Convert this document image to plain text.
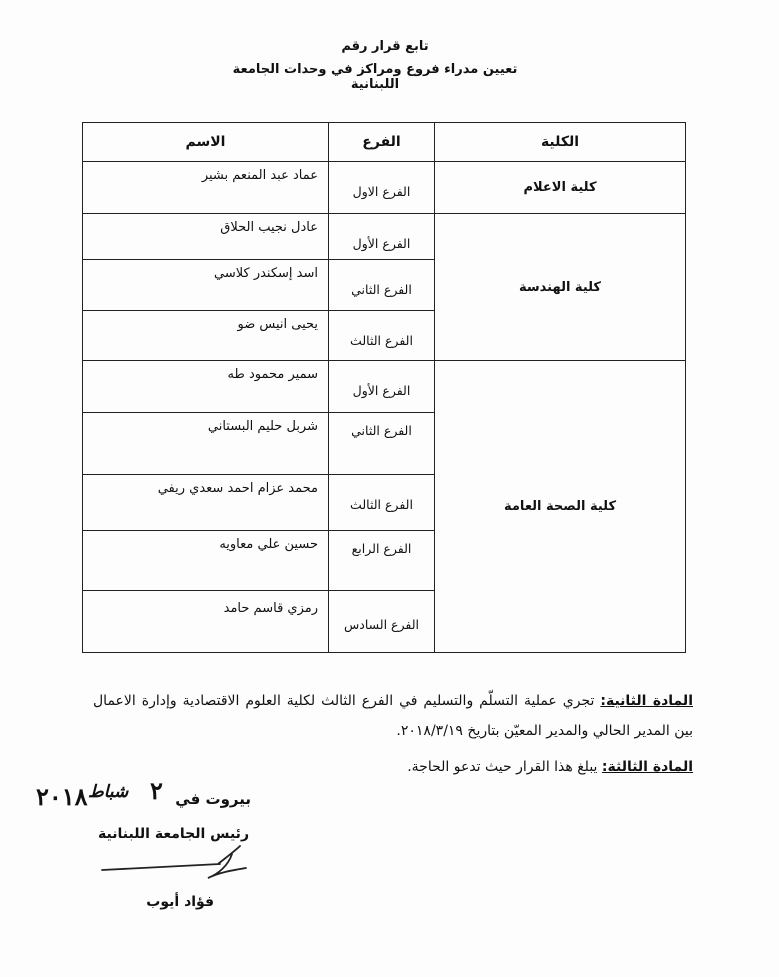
تابع قرار رقم
تعيين مدراء فروع ومراكز في وحدات الجامعة اللبنانية
الكلية	الفرع	الاسم
كلية الاعلام	الفرع الاول	عماد عبد المنعم بشير
كلية الهندسة	الفرع الأول	عادل نجيب الحلاق
	الفرع الثاني	اسد إسكندر كلاسي
	الفرع الثالث	يحيى انيس ضو
كلية الصحة العامة	الفرع الأول	سمير محمود طه
	الفرع الثاني	شربل حليم البستاني
	الفرع الثالث	محمد عزام احمد سعدي ريفي
	الفرع الرابع	حسين علي معاويه
	الفرع السادس	رمزي قاسم حامد
المادة الثانية: تجري عملية التسلّم والتسليم في الفرع الثالث لكلية العلوم الاقتصادية وإدارة الاعمال بين المدير الحالي والمدير المعيّن بتاريخ ٢٠١٨/٣/١٩.
المادة الثالثة: يبلغ هذا القرار حيث تدعو الحاجة.
بيروت في
٢
شباط
٢٠١٨
رئيس الجامعة اللبنانية
فؤاد أيوب
